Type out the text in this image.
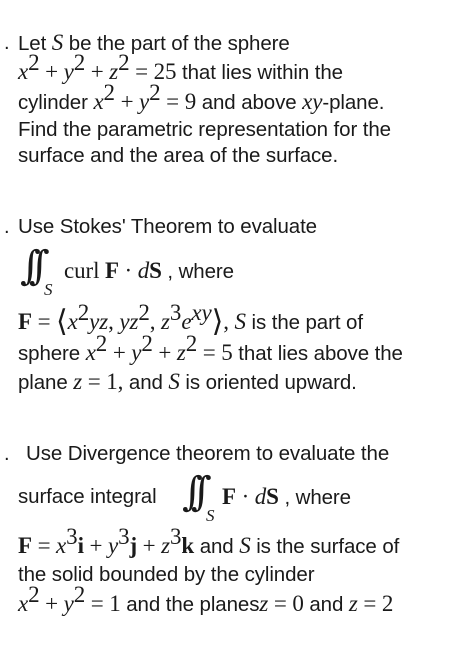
. Let S be the part of the sphere
$x^2 + y^2 + z^2 = 25$ that lies within the
cylinder $x^2 + y^2 = 9$ and above xy-plane.
Find the parametric representation for the
surface and the area of the surface.
. Use Stokes' Theorem to evaluate
∫∫
S
curl F · dS , where
$F = ⟨x^2yz$, $yz^2$, $z^3e^{xy}⟩$, S is the part of
sphere $x^2 + y^2 + z^2 = 5$ that lies above the
plane z = 1, and S is oriented upward.
. Use Divergence theorem to evaluate the
surface integral ∫∫
S
F · dS , where
$F = x^3i + y^3j + z^3k$ and S is the surface of
the solid bounded by the cylinder
$x^2 + y^2 = 1$ and the planesz = 0 and z = 2
